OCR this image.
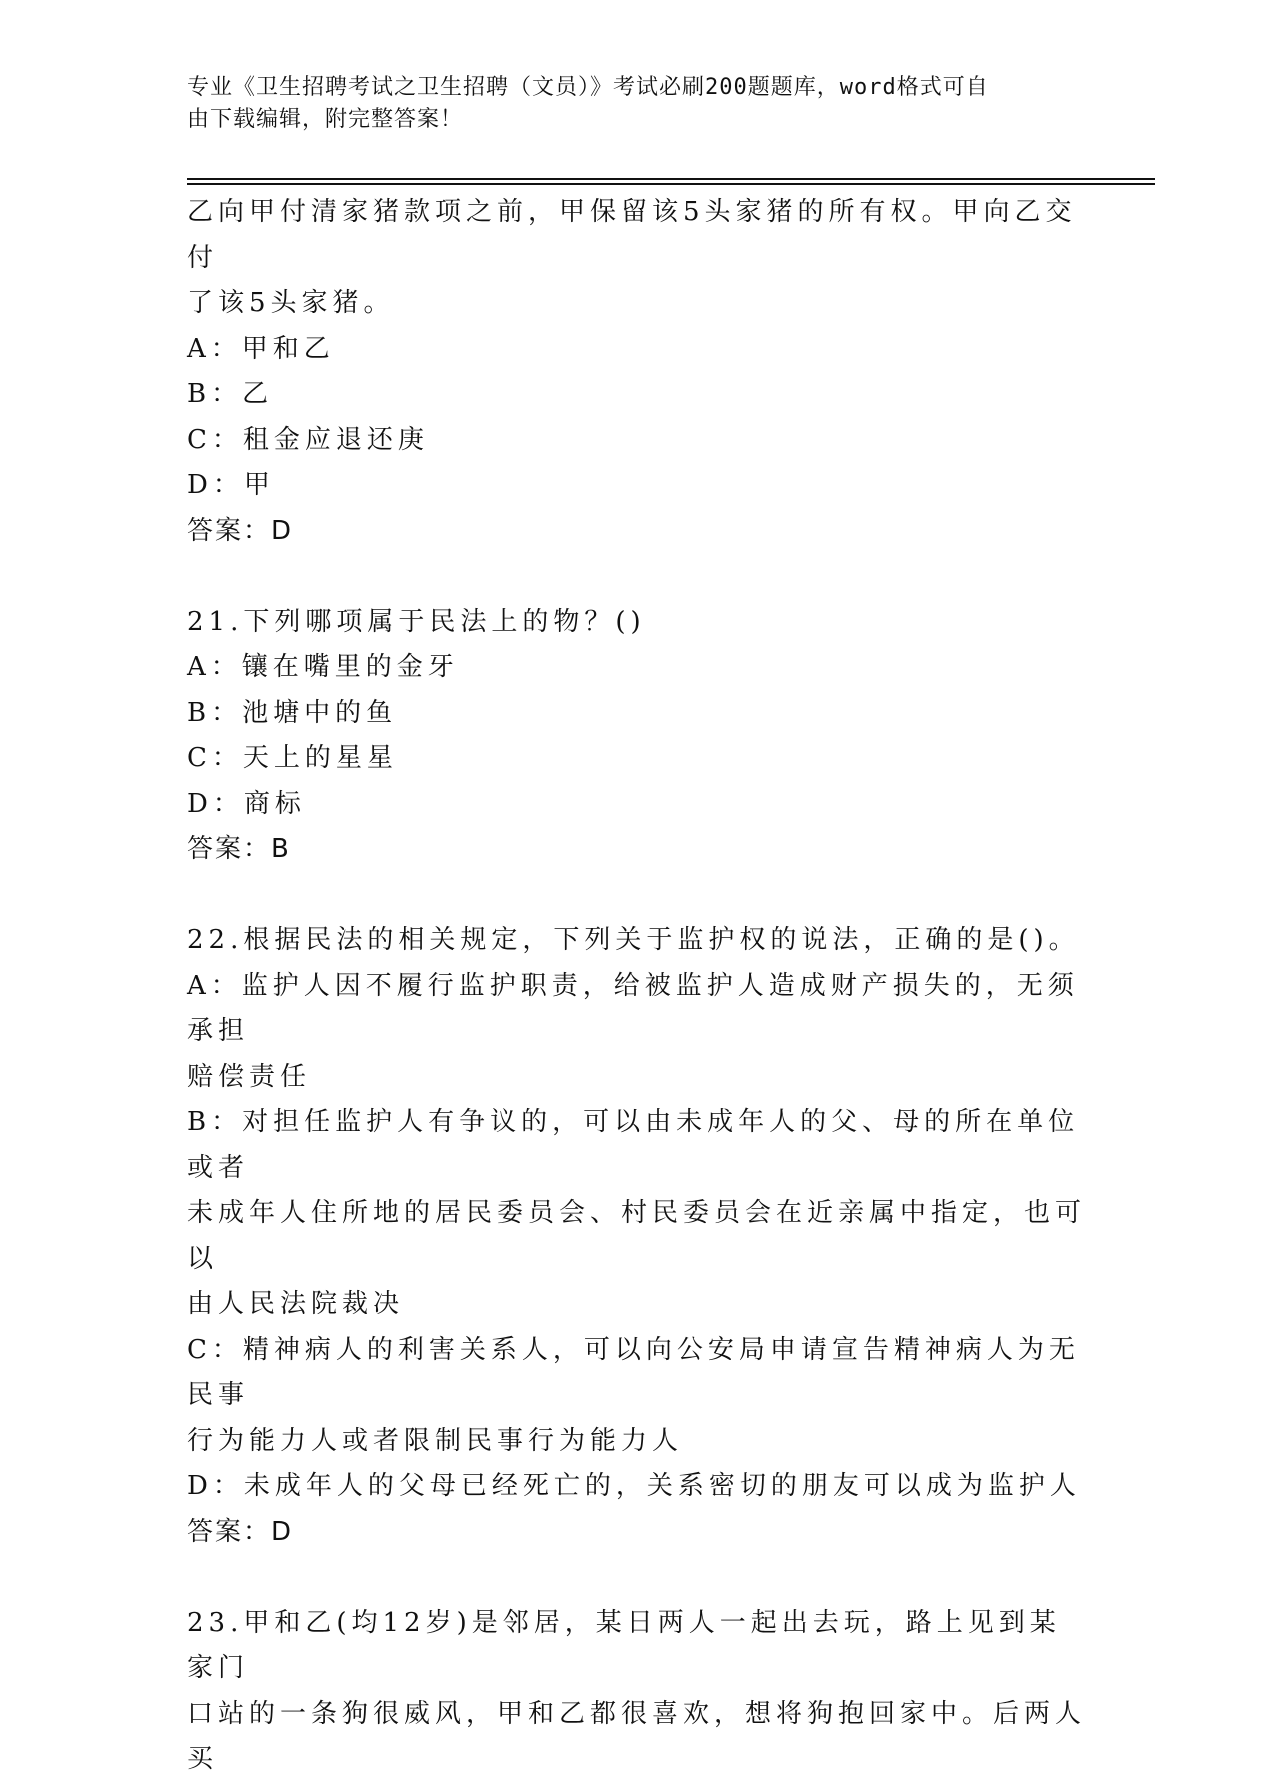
专业《卫生招聘考试之卫生招聘（文员）》考试必刷200题题库，word格式可自
由下载编辑，附完整答案！
乙向甲付清家猪款项之前，甲保留该5头家猪的所有权。甲向乙交付
了该5头家猪。
A：甲和乙
B：乙
C：租金应退还庚
D：甲
答案：D
21.下列哪项属于民法上的物？()
A：镶在嘴里的金牙
B：池塘中的鱼
C：天上的星星
D：商标
答案：B
22.根据民法的相关规定，下列关于监护权的说法，正确的是()。
A：监护人因不履行监护职责，给被监护人造成财产损失的，无须承担
赔偿责任
B：对担任监护人有争议的，可以由未成年人的父、母的所在单位或者
未成年人住所地的居民委员会、村民委员会在近亲属中指定，也可以
由人民法院裁决
C：精神病人的利害关系人，可以向公安局申请宣告精神病人为无民事
行为能力人或者限制民事行为能力人
D：未成年人的父母已经死亡的，关系密切的朋友可以成为监护人
答案：D
23.甲和乙(均12岁)是邻居，某日两人一起出去玩，路上见到某家门
口站的一条狗很威风，甲和乙都很喜欢，想将狗抱回家中。后两人买
